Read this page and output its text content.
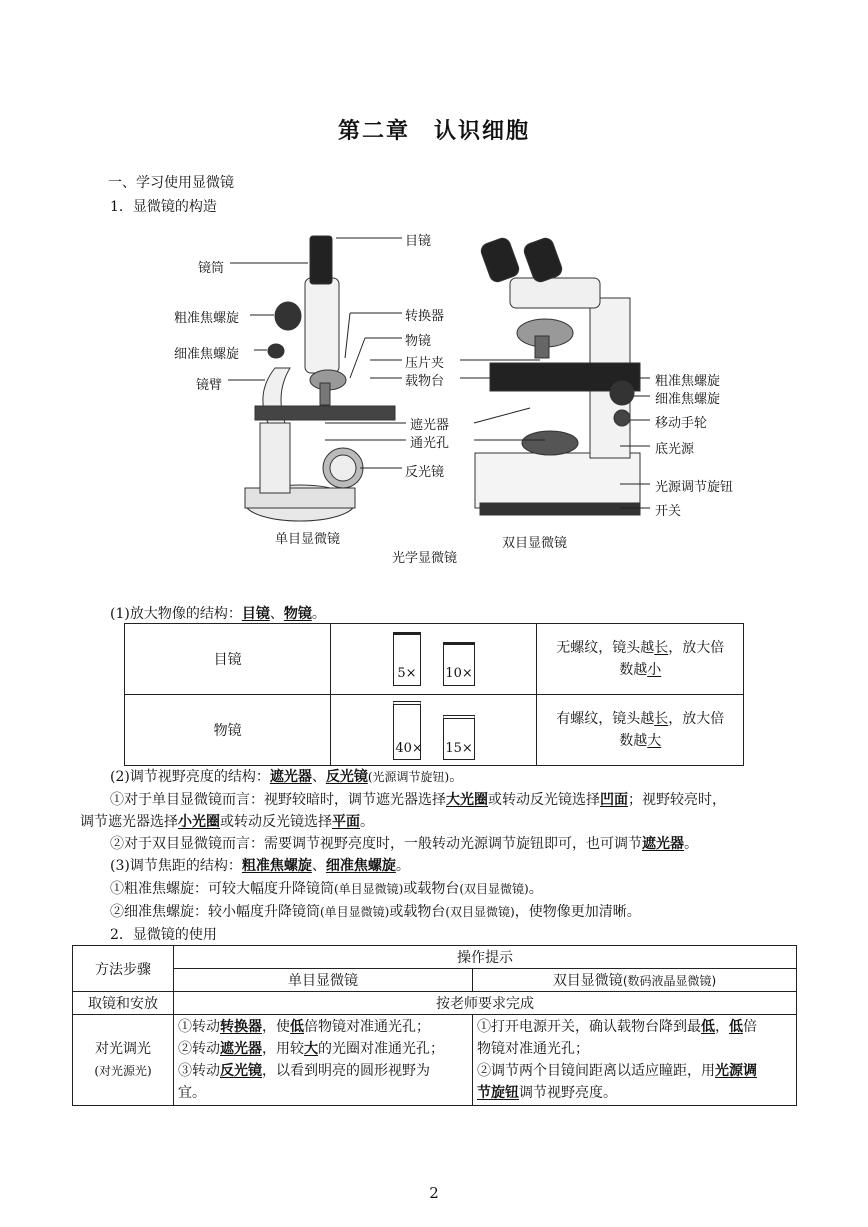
第二章　认识细胞
一、学习使用显微镜
1．显微镜的构造
目镜
镜筒
粗准焦螺旋
细准焦螺旋
镜臂
转换器
物镜
压片夹
载物台
遮光器
通光孔
反光镜
粗准焦螺旋
细准焦螺旋
移动手轮
底光源
光源调节旋钮
开关
单目显微镜	双目显微镜
光学显微镜
(1)放大物像的结构：目镜、物镜。
目镜	5× 10×	无螺纹，镜头越长，放大倍
数越小
物镜	40× 15×	有螺纹，镜头越长，放大倍
数越大
(2)调节视野亮度的结构：遮光器、反光镜(光源调节旋钮)。
①对于单目显微镜而言：视野较暗时，调节遮光器选择大光圈或转动反光镜选择凹面；视野较亮时，
调节遮光器选择小光圈或转动反光镜选择平面。
②对于双目显微镜而言：需要调节视野亮度时，一般转动光源调节旋钮即可，也可调节遮光器。
(3)调节焦距的结构：粗准焦螺旋、细准焦螺旋。
①粗准焦螺旋：可较大幅度升降镜筒(单目显微镜)或载物台(双目显微镜)。
②细准焦螺旋：较小幅度升降镜筒(单目显微镜)或载物台(双目显微镜)，使物像更加清晰。
2．显微镜的使用
方法步骤	操作提示	
	单目显微镜	双目显微镜(数码液晶显微镜)
取镜和安放	按老师要求完成	
对光调光
(对光源光)	①转动转换器，使低倍物镜对准通光孔；
②转动遮光器，用较大的光圈对准通光孔；
③转动反光镜，以看到明亮的圆形视野为
宜。	①打开电源开关，确认载物台降到最低，低倍
物镜对准通光孔；
②调节两个目镜间距离以适应瞳距，用光源调
节旋钮调节视野亮度。
2
